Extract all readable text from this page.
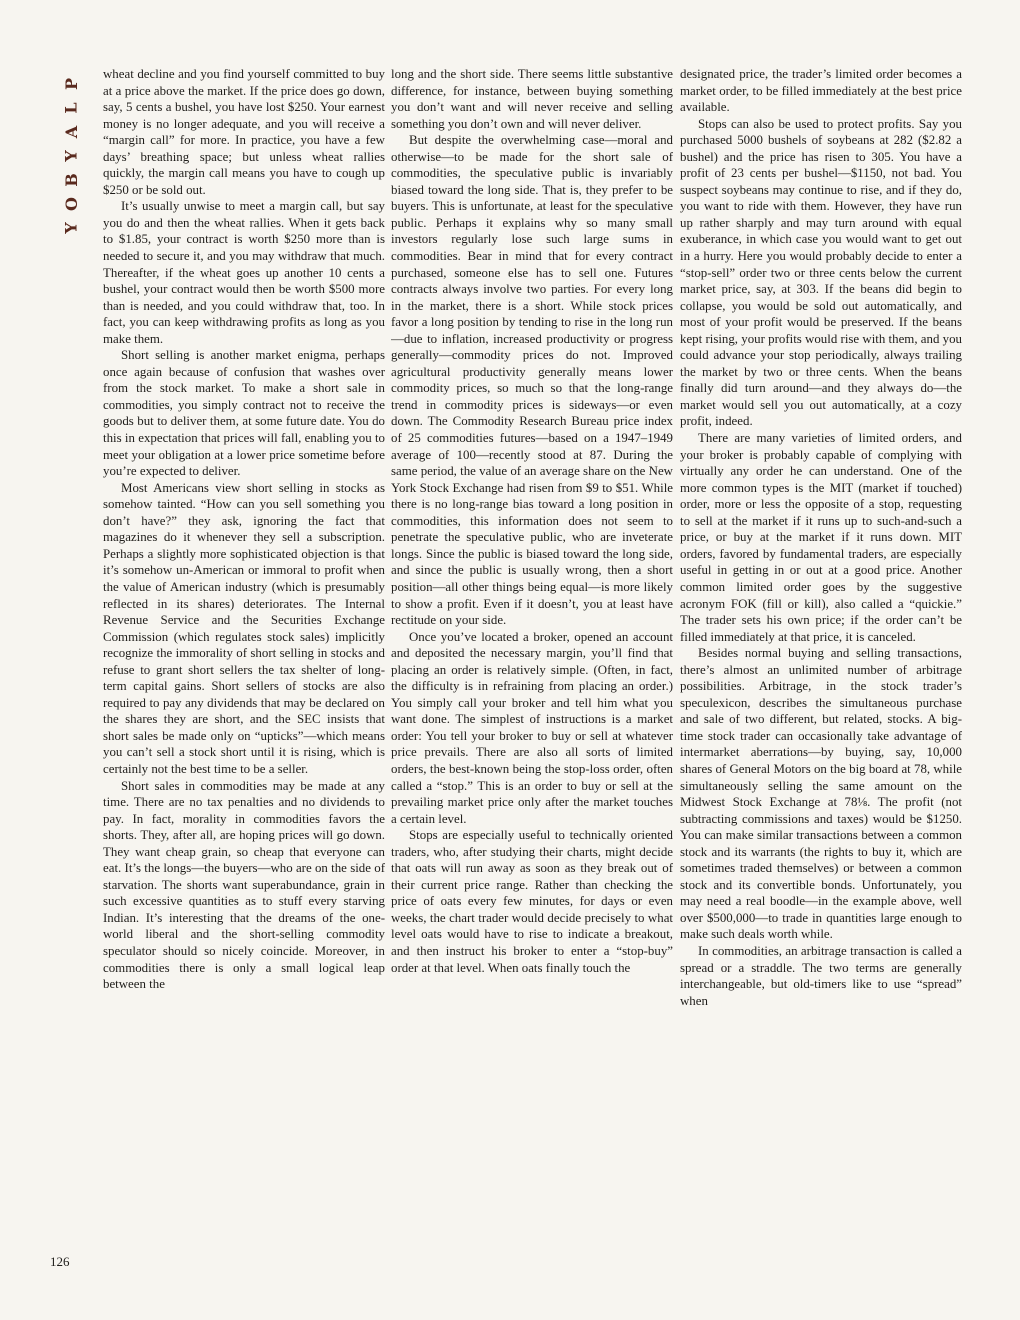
P
L
A
Y
B
O
Y

wheat decline and you find yourself committed to buy at a price above the market. If the price does go down, say, 5 cents a bushel, you have lost $250. Your earnest money is no longer adequate, and you will receive a “margin call” for more. In practice, you have a few days’ breathing space; but unless wheat rallies quickly, the margin call means you have to cough up $250 or be sold out.

It’s usually unwise to meet a margin call, but say you do and then the wheat rallies. When it gets back to $1.85, your contract is worth $250 more than is needed to secure it, and you may withdraw that much. Thereafter, if the wheat goes up another 10 cents a bushel, your contract would then be worth $500 more than is needed, and you could withdraw that, too. In fact, you can keep withdrawing profits as long as you make them.

Short selling is another market enigma, perhaps once again because of confusion that washes over from the stock market. To make a short sale in commodities, you simply contract not to receive the goods but to deliver them, at some future date. You do this in expectation that prices will fall, enabling you to meet your obligation at a lower price sometime before you’re expected to deliver.

Most Americans view short selling in stocks as somehow tainted. “How can you sell something you don’t have?” they ask, ignoring the fact that magazines do it whenever they sell a subscription. Perhaps a slightly more sophisticated objection is that it’s somehow un-American or immoral to profit when the value of American industry (which is presumably reflected in its shares) deteriorates. The Internal Revenue Service and the Securities Exchange Commission (which regulates stock sales) implicitly recognize the immorality of short selling in stocks and refuse to grant short sellers the tax shelter of long-term capital gains. Short sellers of stocks are also required to pay any dividends that may be declared on the shares they are short, and the SEC insists that short sales be made only on “upticks”—which means you can’t sell a stock short until it is rising, which is certainly not the best time to be a seller.

Short sales in commodities may be made at any time. There are no tax penalties and no dividends to pay. In fact, morality in commodities favors the shorts. They, after all, are hoping prices will go down. They want cheap grain, so cheap that everyone can eat. It’s the longs—the buyers—who are on the side of starvation. The shorts want superabundance, grain in such excessive quantities as to stuff every starving Indian. It’s interesting that the dreams of the one-world liberal and the short-selling commodity speculator should so nicely coincide. Moreover, in commodities there is only a small logical leap between the

long and the short side. There seems little substantive difference, for instance, between buying something you don’t want and will never receive and selling something you don’t own and will never deliver.

But despite the overwhelming case—moral and otherwise—to be made for the short sale of commodities, the speculative public is invariably biased toward the long side. That is, they prefer to be buyers. This is unfortunate, at least for the speculative public. Perhaps it explains why so many small investors regularly lose such large sums in commodities. Bear in mind that for every contract purchased, someone else has to sell one. Futures contracts always involve two parties. For every long in the market, there is a short. While stock prices favor a long position by tending to rise in the long run—due to inflation, increased productivity or progress generally—commodity prices do not. Improved agricultural productivity generally means lower commodity prices, so much so that the long-range trend in commodity prices is sideways—or even down. The Commodity Research Bureau price index of 25 commodities futures—based on a 1947–1949 average of 100—recently stood at 87. During the same period, the value of an average share on the New York Stock Exchange had risen from $9 to $51. While there is no long-range bias toward a long position in commodities, this information does not seem to penetrate the speculative public, who are inveterate longs. Since the public is biased toward the long side, and since the public is usually wrong, then a short position—all other things being equal—is more likely to show a profit. Even if it doesn’t, you at least have rectitude on your side.

Once you’ve located a broker, opened an account and deposited the necessary margin, you’ll find that placing an order is relatively simple. (Often, in fact, the difficulty is in refraining from placing an order.) You simply call your broker and tell him what you want done. The simplest of instructions is a market order: You tell your broker to buy or sell at whatever price prevails. There are also all sorts of limited orders, the best-known being the stop-loss order, often called a “stop.” This is an order to buy or sell at the prevailing market price only after the market touches a certain level.

Stops are especially useful to technically oriented traders, who, after studying their charts, might decide that oats will run away as soon as they break out of their current price range. Rather than checking the price of oats every few minutes, for days or even weeks, the chart trader would decide precisely to what level oats would have to rise to indicate a breakout, and then instruct his broker to enter a “stop-buy” order at that level. When oats finally touch the

designated price, the trader’s limited order becomes a market order, to be filled immediately at the best price available.

Stops can also be used to protect profits. Say you purchased 5000 bushels of soybeans at 282 ($2.82 a bushel) and the price has risen to 305. You have a profit of 23 cents per bushel—$1150, not bad. You suspect soybeans may continue to rise, and if they do, you want to ride with them. However, they have run up rather sharply and may turn around with equal exuberance, in which case you would want to get out in a hurry. Here you would probably decide to enter a “stop-sell” order two or three cents below the current market price, say, at 303. If the beans did begin to collapse, you would be sold out automatically, and most of your profit would be preserved. If the beans kept rising, your profits would rise with them, and you could advance your stop periodically, always trailing the market by two or three cents. When the beans finally did turn around—and they always do—the market would sell you out automatically, at a cozy profit, indeed.

There are many varieties of limited orders, and your broker is probably capable of complying with virtually any order he can understand. One of the more common types is the MIT (market if touched) order, more or less the opposite of a stop, requesting to sell at the market if it runs up to such-and-such a price, or buy at the market if it runs down. MIT orders, favored by fundamental traders, are especially useful in getting in or out at a good price. Another common limited order goes by the suggestive acronym FOK (fill or kill), also called a “quickie.” The trader sets his own price; if the order can’t be filled immediately at that price, it is canceled.

Besides normal buying and selling transactions, there’s almost an unlimited number of arbitrage possibilities. Arbitrage, in the stock trader’s speculexicon, describes the simultaneous purchase and sale of two different, but related, stocks. A big-time stock trader can occasionally take advantage of intermarket aberrations—by buying, say, 10,000 shares of General Motors on the big board at 78, while simultaneously selling the same amount on the Midwest Stock Exchange at 78⅛. The profit (not subtracting commissions and taxes) would be $1250. You can make similar transactions between a common stock and its warrants (the rights to buy it, which are sometimes traded themselves) or between a common stock and its convertible bonds. Unfortunately, you may need a real boodle—in the example above, well over $500,000—to trade in quantities large enough to make such deals worth while.

In commodities, an arbitrage transaction is called a spread or a straddle. The two terms are generally interchangeable, but old-timers like to use “spread” when

126
